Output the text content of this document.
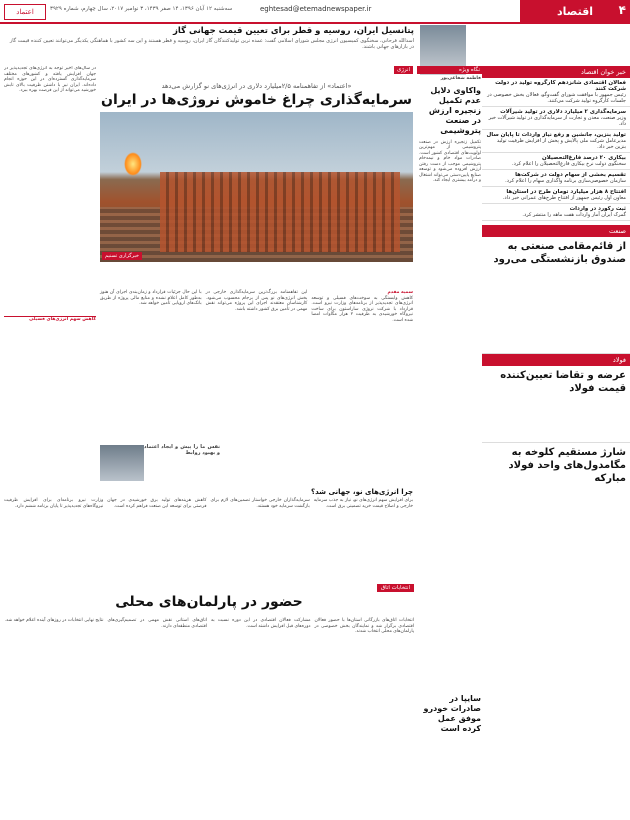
اقتصاد ۴
eghtesad@etemadnewspaper.ir
سه‌شنبه ۱۲ آبان ۱۳۹۶، ۱۴ صفر ۱۴۳۹، ۳ نوامبر ۲۰۱۷، سال چهارم، شماره ۳۹۲۹
اعتماد
پتانسیل ایران، روسیه و قطر برای تعیین قیمت جهانی گاز
اسدالله فرحانی، سخنگوی کمیسیون انرژی مجلس شورای اسلامی گفت: عمده ترین تولیدکنندگان گاز ایران، روسیه و قطر هستند و این سه کشور با هماهنگی یکدیگر می‌توانند تعیین کننده قیمت گاز در بازارهای جهانی باشند.
خبر خوان اقتصاد
فعالان اقتصادی شانزدهم کارگروه تولید در دولت شرکت کنند
رئیس جمهور با موافقت شورای گفت‌وگو، فعالان بخش خصوصی در جلسات کارگروه تولید شرکت می‌کنند.
سرمایه‌گذاری ۲ میلیارد دلاری در تولید شیرآلات
وزیر صنعت، معدن و تجارت از سرمایه‌گذاری در تولید شیرآلات خبر داد.
تولید بنزین، جانشین و رفع نیاز واردات تا پایان سال
مدیرعامل شرکت ملی پالایش و پخش از افزایش ظرفیت تولید بنزین خبر داد.
بیکاری ۲۰ درصد فارغ‌التحصیلان
سخنگوی دولت نرخ بیکاری فارغ‌التحصیلان را اعلام کرد.
تقسیم بخشی از سهام دولت در شرکت‌ها
سازمان خصوصی‌سازی برنامه واگذاری سهام را اعلام کرد.
افتتاح ۸ هزار میلیارد تومان طرح در استان‌ها
معاون اول رئیس جمهور از افتتاح طرح‌های عمرانی خبر داد.
ثبت رکورد در واردات
گمرک ایران آمار واردات هفت ماهه را منتشر کرد.
صنعت
از قائم‌مقامی صنعتی به صندوق بازنشستگی می‌رود
فولاد
عرضه و تقاضا تعیین‌کننده قیمت فولاد
شارژ مستقیم کلوخه به مگامدول‌های واحد فولاد مبارکه
نگاه ویژه
فاطمه شفاعی‌پور
واکاوی دلایل عدم تکمیل زنجیره ارزش در صنعت پتروشیمی
تکمیل زنجیره ارزش در صنعت پتروشیمی از مهم‌ترین اولویت‌های اقتصادی کشور است. صادرات مواد خام و نیمه‌خام پتروشیمی موجب از دست رفتن ارزش افزوده می‌شود و توسعه صنایع پایین‌دستی می‌تواند اشتغال و درآمد بیشتری ایجاد کند.
سایپا در صادرات خودرو موفق عمل کرده است
انرژی
«اعتماد» از تفاهمنامه ۲/۵میلیارد دلاری در انرژی‌های نو گزارش می‌دهد
سرمایه‌گذاری چراغ خاموش نروژی‌ها در ایران
خبرگزاری تسنیم
در سال‌های اخیر توجه به انرژی‌های تجدیدپذیر در جهان افزایش یافته و کشورهای مختلف سرمایه‌گذاری گسترده‌ای در این حوزه انجام داده‌اند. ایران نیز با داشتن ظرفیت بالای تابش خورشید می‌تواند از این فرصت بهره ببرد.
کاهش سهم انرژی‌های فسیلی
سمیه مقدم
کاهش وابستگی به سوخت‌های فسیلی و توسعه انرژی‌های تجدیدپذیر از برنامه‌های وزارت نیرو است. قرارداد با شرکت نروژی ساراستون برای ساخت نیروگاه خورشیدی به ظرفیت ۲ هزار مگاوات امضا شده است.
این تفاهمنامه بزرگ‌ترین سرمایه‌گذاری خارجی در بخش انرژی‌های نو پس از برجام محسوب می‌شود. کارشناسان معتقدند اجرای این پروژه می‌تواند نقش مهمی در تأمین برق کشور داشته باشد.
با این حال جزئیات قرارداد و زمان‌بندی اجرای آن هنوز به‌طور کامل اعلام نشده و منابع مالی پروژه از طریق بانک‌های اروپایی تأمین خواهد شد.
نفس ما را پیش و ایجاد اعتماد و بهبود روابط
چرا انرژی‌های نو، جهانی شد؟
برای افزایش سهم انرژی‌های نو، نیاز به جذب سرمایه خارجی و اصلاح قیمت خرید تضمینی برق است.
سرمایه‌گذاران خارجی خواستار تضمین‌های لازم برای بازگشت سرمایه خود هستند.
کاهش هزینه‌های تولید برق خورشیدی در جهان فرصتی برای توسعه این صنعت فراهم کرده است.
وزارت نیرو برنامه‌ای برای افزایش ظرفیت نیروگاه‌های تجدیدپذیر تا پایان برنامه ششم دارد.
انتخابات اتاق
حضور در پارلمان‌های محلی
انتخابات اتاق‌های بازرگانی استان‌ها با حضور فعالان اقتصادی برگزار شد و نمایندگان بخش خصوصی در پارلمان‌های محلی انتخاب شدند.
مشارکت فعالان اقتصادی در این دوره نسبت به دوره‌های قبل افزایش داشته است.
اتاق‌های استانی نقش مهمی در تصمیم‌گیری‌های اقتصادی منطقه‌ای دارند.
نتایج نهایی انتخابات در روزهای آینده اعلام خواهد شد.
